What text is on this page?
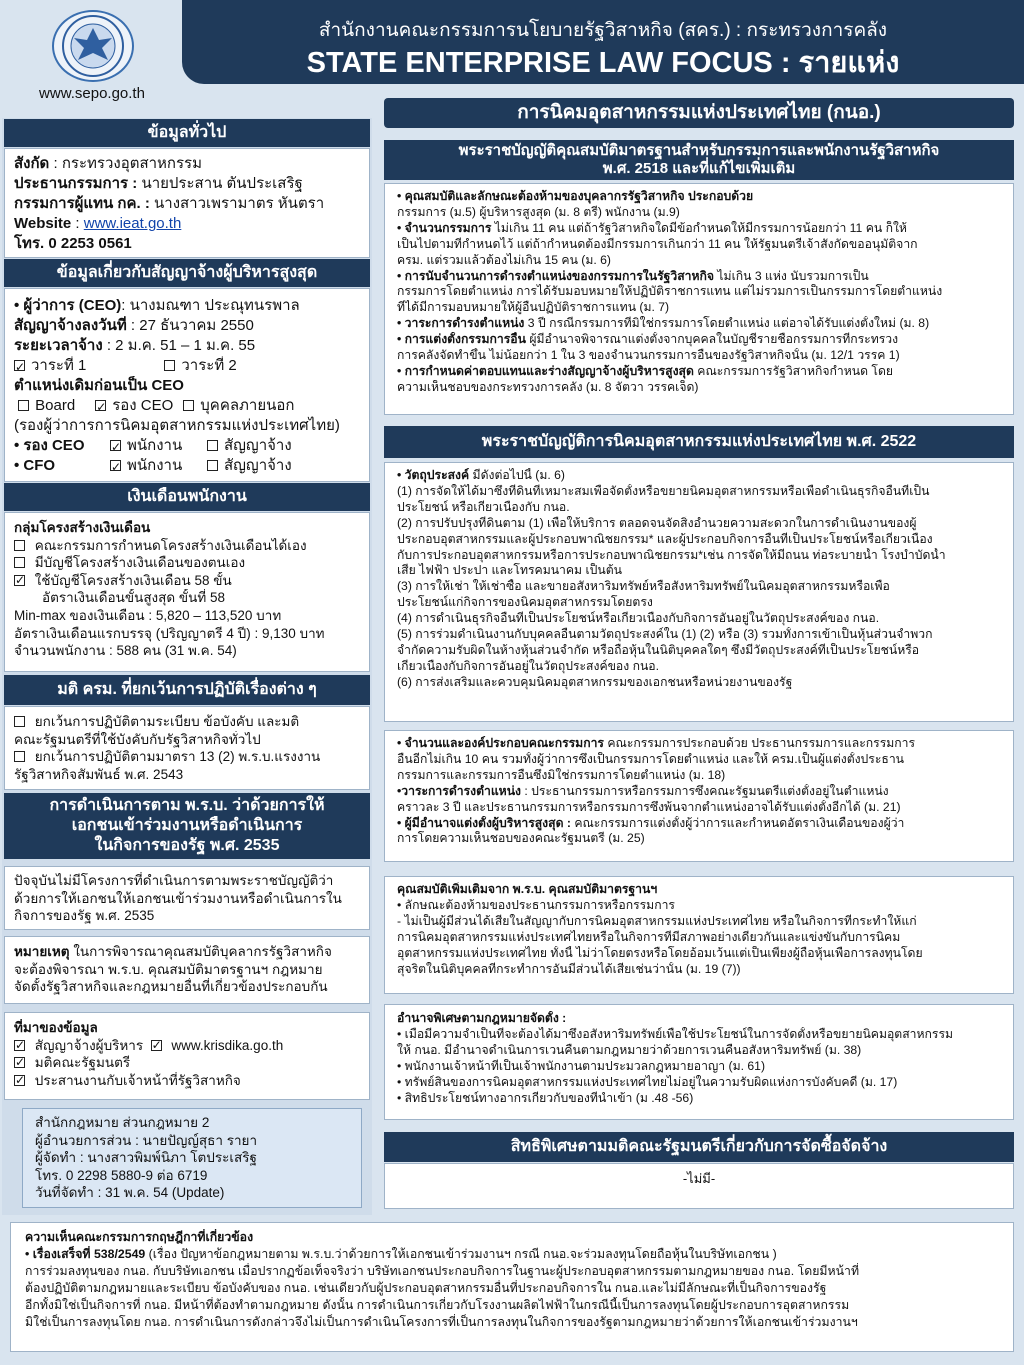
www.sepo.go.th
สำนักงานคณะกรรมการนโยบายรัฐวิสาหกิจ (สคร.) : กระทรวงการคลัง
STATE ENTERPRISE LAW FOCUS : รายแห่ง
การนิคมอุตสาหกรรมแห่งประเทศไทย (กนอ.)
ข้อมูลทั่วไป
สังกัด : กระทรวงอุตสาหกรรม
ประธานกรรมการ : นายประสาน ตันประเสริฐ
กรรมการผู้แทน กค. : นางสาวเพรามาตร หันตรา
Website : www.ieat.go.th
โทร. 0 2253 0561
ข้อมูลเกี่ยวกับสัญญาจ้างผู้บริหารสูงสุด
• ผู้ว่าการ (CEO): นางมณฑา ประณุทนรพาล
สัญญาจ้างลงวันที่ : 27 ธันวาคม 2550
ระยะเวลาจ้าง : 2 ม.ค. 51 – 1 ม.ค. 55
✓วาระที่ 1	วาระที่ 2
ตำแหน่งเดิมก่อนเป็น CEO
Board ✓ รอง CEO บุคคลภายนอก
(รองผู้ว่าการการนิคมอุตสาหกรรมแห่งประเทศไทย)
• รอง CEO ✓	พนักงาน	สัญญาจ้าง
• CFO ✓	พนักงาน	สัญญาจ้าง
เงินเดือนพนักงาน
กลุ่มโครงสร้างเงินเดือน
คณะกรรมการกำหนดโครงสร้างเงินเดือนได้เอง
มีบัญชีโครงสร้างเงินเดือนของตนเอง
✓ ใช้บัญชีโครงสร้างเงินเดือน 58 ขั้น
อัตราเงินเดือนขั้นสูงสุด ขั้นที่ 58
Min-max ของเงินเดือน : 5,820 – 113,520 บาท
อัตราเงินเดือนแรกบรรจุ (ปริญญาตรี 4 ปี) : 9,130 บาท
จำนวนพนักงาน : 588 คน (31 พ.ค. 54)
มติ ครม. ที่ยกเว้นการปฏิบัติเรื่องต่าง ๆ
ยกเว้นการปฏิบัติตามระเบียบ ข้อบังคับ และมติ
คณะรัฐมนตรีที่ใช้บังคับกับรัฐวิสาหกิจทั่วไป
ยกเว้นการปฏิบัติตามมาตรา 13 (2) พ.ร.บ.แรงงาน
รัฐวิสาหกิจสัมพันธ์ พ.ศ. 2543
การดำเนินการตาม พ.ร.บ. ว่าด้วยการให้
เอกชนเข้าร่วมงานหรือดำเนินการ
ในกิจการของรัฐ พ.ศ. 2535
ปัจจุบันไม่มีโครงการที่ดำเนินการตามพระราชบัญญัติว่า
ด้วยการให้เอกชนให้เอกชนเข้าร่วมงานหรือดำเนินการใน
กิจการของรัฐ พ.ศ. 2535
หมายเหตุ ในการพิจารณาคุณสมบัติบุคลากรรัฐวิสาหกิจ
จะต้องพิจารณา พ.ร.บ. คุณสมบัติมาตรฐานฯ กฎหมาย
จัดตั้งรัฐวิสาหกิจและกฎหมายอื่นที่เกี่ยวข้องประกอบกัน
ที่มาของข้อมูล
✓ สัญญาจ้างผู้บริหาร ✓ www.krisdika.go.th
✓ มติคณะรัฐมนตรี
✓ ประสานงานกับเจ้าหน้าที่รัฐวิสาหกิจ
สำนักกฎหมาย ส่วนกฎหมาย 2
ผู้อำนวยการส่วน : นายปัญญ์สุธา รายา
ผู้จัดทำ : นางสาวพิมพ์นิภา โตประเสริฐ
โทร. 0 2298 5880-9 ต่อ 6719
วันที่จัดทำ : 31 พ.ค. 54 (Update)
พระราชบัญญัติคุณสมบัติมาตรฐานสำหรับกรรมการและพนักงานรัฐวิสาหกิจ
พ.ศ. 2518 และที่แก้ไขเพิ่มเติม
• คุณสมบัติและลักษณะต้องห้ามของบุคลากรรัฐวิสาหกิจ ประกอบด้วย
กรรมการ (ม.5) ผู้บริหารสูงสุด (ม. 8 ตรี) พนักงาน (ม.9)
• จำนวนกรรมการ ไม่เกิน 11 คน แต่ถ้ารัฐวิสาหกิจใดมีข้อกำหนดให้มีกรรมการน้อยกว่า 11 คน ก็ให้
เป็นไปตามที่กำหนดไว้ แต่ถ้ากำหนดต้องมีกรรมการเกินกว่า 11 คน ให้รัฐมนตรีเจ้าสังกัดขออนุมัติจาก
ครม. แต่รวมแล้วต้องไม่เกิน 15 คน (ม. 6)
• การนับจำนวนการดำรงตำแหน่งของกรรมการในรัฐวิสาหกิจ ไม่เกิน 3 แห่ง นับรวมการเป็น
กรรมการโดยตำแหน่ง การได้รับมอบหมายให้ปฏิบัติราชการแทน แต่ไม่รวมการเป็นกรรมการโดยตำแหน่ง
ที่ได้มีการมอบหมายให้ผู้อื่นปฏิบัติราชการแทน (ม. 7)
• วาระการดำรงตำแหน่ง 3 ปี กรณีกรรมการที่มิใช่กรรมการโดยตำแหน่ง แต่อาจได้รับแต่งตั้งใหม่ (ม. 8)
• การแต่งตั้งกรรมการอื่น ผู้มีอำนาจพิจารณาแต่งตั้งจากบุคคลในบัญชีรายชื่อกรรมการที่กระทรวง
การคลังจัดทำขึ้น ไม่น้อยกว่า 1 ใน 3 ของจำนวนกรรมการอื่นของรัฐวิสาหกิจนั้น (ม. 12/1 วรรค 1)
• การกำหนดค่าตอบแทนและร่างสัญญาจ้างผู้บริหารสูงสุด คณะกรรมการรัฐวิสาหกิจกำหนด โดย
ความเห็นชอบของกระทรวงการคลัง (ม. 8 จัตวา วรรคเจ็ด)
พระราชบัญญัติการนิคมอุตสาหกรรมแห่งประเทศไทย พ.ศ. 2522
• วัตถุประสงค์ มีดังต่อไปนี้ (ม. 6)
(1) การจัดให้ได้มาซึ่งที่ดินที่เหมาะสมเพื่อจัดตั้งหรือขยายนิคมอุตสาหกรรมหรือเพื่อดำเนินธุรกิจอื่นที่เป็น
ประโยชน์ หรือเกี่ยวเนื่องกับ กนอ.
(2) การปรับปรุงที่ดินตาม (1) เพื่อให้บริการ ตลอดจนจัดสิ่งอำนวยความสะดวกในการดำเนินงานของผู้
ประกอบอุตสาหกรรมและผู้ประกอบพาณิชยกรรม* และผู้ประกอบกิจการอื่นที่เป็นประโยชน์หรือเกี่ยวเนื่อง
กับการประกอบอุตสาหกรรมหรือการประกอบพาณิชยกรรม*เช่น การจัดให้มีถนน ท่อระบายน้ำ โรงบำบัดน้ำ
เสีย ไฟฟ้า ประปา และโทรคมนาคม เป็นต้น
(3) การให้เช่า ให้เช่าซื้อ และขายอสังหาริมทรัพย์หรือสังหาริมทรัพย์ในนิคมอุตสาหกรรมหรือเพื่อ
ประโยชน์แก่กิจการของนิคมอุตสาหกรรมโดยตรง
(4) การดำเนินธุรกิจอื่นที่เป็นประโยชน์หรือเกี่ยวเนื่องกับกิจการอันอยู่ในวัตถุประสงค์ของ กนอ.
(5) การร่วมดำเนินงานกับบุคคลอื่นตามวัตถุประสงค์ใน (1) (2) หรือ (3) รวมทั้งการเข้าเป็นหุ้นส่วนจำพวก
จำกัดความรับผิดในห้างหุ้นส่วนจำกัด หรือถือหุ้นในนิติบุคคลใดๆ ซึ่งมีวัตถุประสงค์ที่เป็นประโยชน์หรือ
เกี่ยวเนื่องกับกิจการอันอยู่ในวัตถุประสงค์ของ กนอ.
(6) การส่งเสริมและควบคุมนิคมอุตสาหกรรมของเอกชนหรือหน่วยงานของรัฐ
• จำนวนและองค์ประกอบคณะกรรมการ คณะกรรมการประกอบด้วย ประธานกรรมการและกรรมการ
อื่นอีกไม่เกิน 10 คน รวมทั้งผู้ว่าการซึ่งเป็นกรรมการโดยตำแหน่ง และให้ ครม.เป็นผู้แต่งตั้งประธาน
กรรมการและกรรมการอื่นซึ่งมิใช่กรรมการโดยตำแหน่ง (ม. 18)
•วาระการดำรงตำแหน่ง : ประธานกรรมการหรือกรรมการซึ่งคณะรัฐมนตรีแต่งตั้งอยู่ในตำแหน่ง
คราวละ 3 ปี และประธานกรรมการหรือกรรมการซึ่งพ้นจากตำแหน่งอาจได้รับแต่งตั้งอีกได้ (ม. 21)
• ผู้มีอำนาจแต่งตั้งผู้บริหารสูงสุด : คณะกรรมการแต่งตั้งผู้ว่าการและกำหนดอัตราเงินเดือนของผู้ว่า
การโดยความเห็นชอบของคณะรัฐมนตรี (ม. 25)
คุณสมบัติเพิ่มเติมจาก พ.ร.บ. คุณสมบัติมาตรฐานฯ
• ลักษณะต้องห้ามของประธานกรรมการหรือกรรมการ
- ไม่เป็นผู้มีส่วนได้เสียในสัญญากับการนิคมอุตสาหกรรมแห่งประเทศไทย หรือในกิจการที่กระทำให้แก่
การนิคมอุตสาหกรรมแห่งประเทศไทยหรือในกิจการที่มีสภาพอย่างเดียวกันและแข่งขันกับการนิคม
อุตสาหกรรมแห่งประเทศไทย ทั้งนี้ ไม่ว่าโดยตรงหรือโดยอ้อมเว้นแต่เป็นเพียงผู้ถือหุ้นเพื่อการลงทุนโดย
สุจริตในนิติบุคคลที่กระทำการอันมีส่วนได้เสียเช่นว่านั้น (ม. 19 (7))
อำนาจพิเศษตามกฎหมายจัดตั้ง :
• เมื่อมีความจำเป็นที่จะต้องได้มาซึ่งอสังหาริมทรัพย์เพื่อใช้ประโยชน์ในการจัดตั้งหรือขยายนิคมอุตสาหกรรม
ให้ กนอ. มีอำนาจดำเนินการเวนคืนตามกฎหมายว่าด้วยการเวนคืนอสังหาริมทรัพย์ (ม. 38)
• พนักงานเจ้าหน้าที่เป็นเจ้าพนักงานตามประมวลกฎหมายอาญา (ม. 61)
• ทรัพย์สินของการนิคมอุตสาหกรรมแห่งประเทศไทยไม่อยู่ในความรับผิดแห่งการบังคับคดี (ม. 17)
• สิทธิประโยชน์ทางอากรเกี่ยวกับของที่นำเข้า (ม .48 -56)
สิทธิพิเศษตามมติคณะรัฐมนตรีเกี่ยวกับการจัดซื้อจัดจ้าง
-ไม่มี-
ความเห็นคณะกรรมการกฤษฎีกาที่เกี่ยวข้อง
• เรื่องเสร็จที่ 538/2549 (เรื่อง ปัญหาข้อกฎหมายตาม พ.ร.บ.ว่าด้วยการให้เอกชนเข้าร่วมงานฯ กรณี กนอ.จะร่วมลงทุนโดยถือหุ้นในบริษัทเอกชน )
การร่วมลงทุนของ กนอ. กับบริษัทเอกชน เมื่อปรากฏข้อเท็จจริงว่า บริษัทเอกชนประกอบกิจการในฐานะผู้ประกอบอุตสาหกรรมตามกฎหมายของ กนอ. โดยมีหน้าที่
ต้องปฏิบัติตามกฎหมายและระเบียบ ข้อบังคับของ กนอ. เช่นเดียวกับผู้ประกอบอุตสาหกรรมอื่นที่ประกอบกิจการใน กนอ.และไม่มีลักษณะที่เป็นกิจการของรัฐ
อีกทั้งมิใช่เป็นกิจการที่ กนอ. มีหน้าที่ต้องทำตามกฎหมาย ดังนั้น การดำเนินการเกี่ยวกับโรงงานผลิตไฟฟ้าในกรณีนี้เป็นการลงทุนโดยผู้ประกอบการอุตสาหกรรม
มิใช่เป็นการลงทุนโดย กนอ. การดำเนินการดังกล่าวจึงไม่เป็นการดำเนินโครงการที่เป็นการลงทุนในกิจการของรัฐตามกฎหมายว่าด้วยการให้เอกชนเข้าร่วมงานฯ
